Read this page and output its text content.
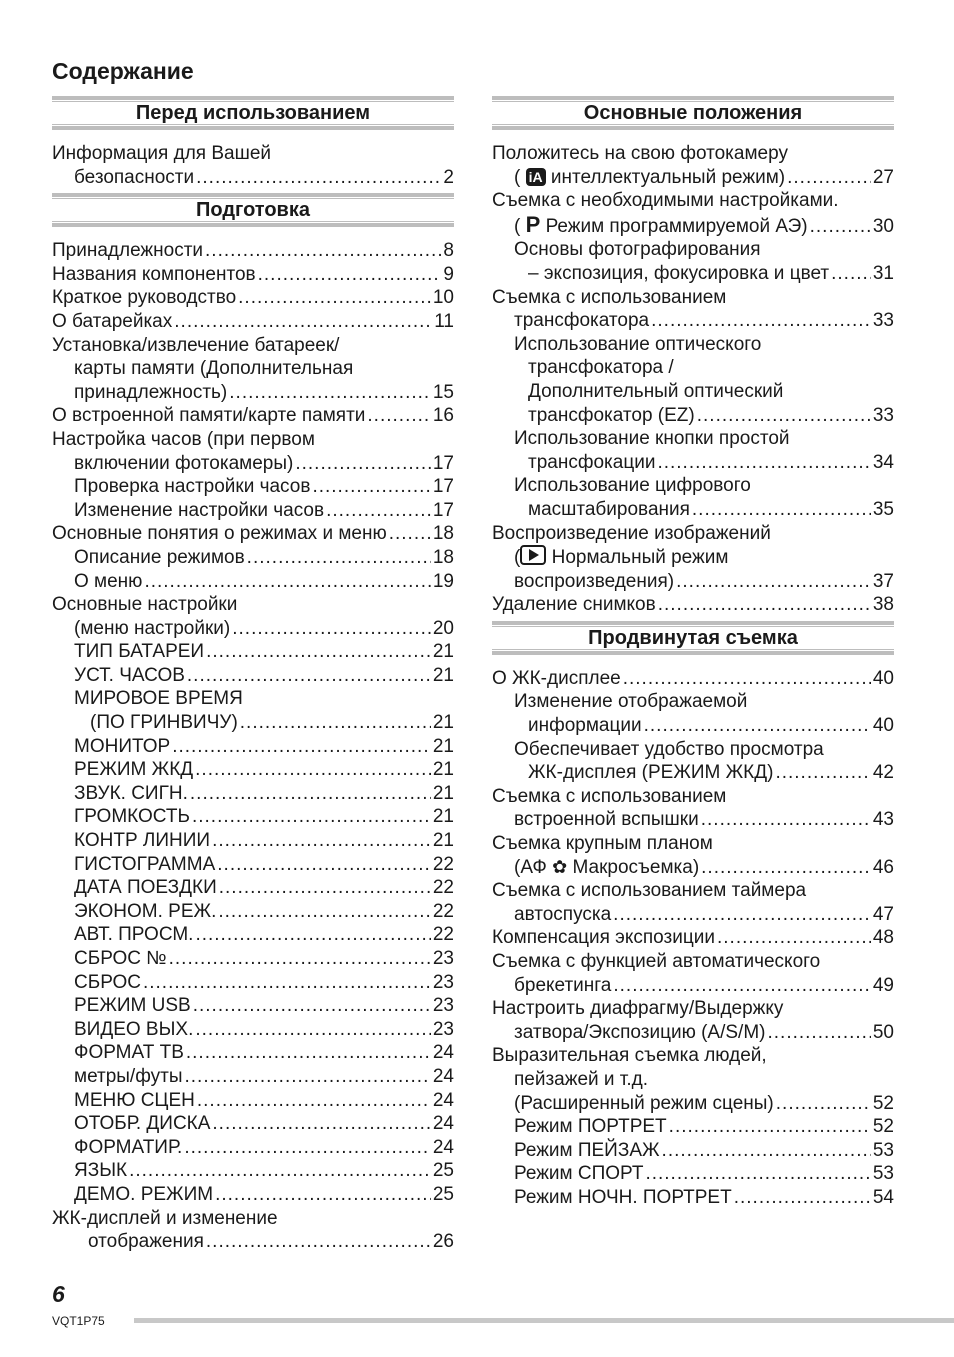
Содержание
Перед использованием
Информация для Вашей
безопасности .....	2
Подготовка
Принадлежности .....	8
Названия компонентов .....	9
Краткое руководство .....	10
О батарейках .....	11
Установка/извлечение батареек/
карты памяти (Дополнительная
принадлежность) .....	15
О встроенной памяти/карте памяти .....	16
Настройка часов (при первом
включении фотокамеры) .....	17
Проверка настройки часов .....	17
Изменение настройки часов .....	17
Основные понятия о режимах и меню ..... 18
Описание режимов .....	18
О меню .....	19
Основные настройки
(меню настройки) .....	20
ТИП БАТАРЕИ .....	21
УСТ. ЧАСОВ .....	21
МИРОВОЕ ВРЕМЯ
(ПО ГРИНВИЧУ) .....	21
МОНИТОР .....	21
РЕЖИМ ЖКД .....	21
ЗВУК. СИГН. .....	21
ГРОМКОСТЬ .....	21
КОНТР ЛИНИИ .....	21
ГИСТОГРАММА .....	22
ДАТА ПОЕЗДКИ .....	22
ЭКОНОМ. РЕЖ. .....	22
АВТ. ПРОСМ. .....	22
СБРОС № .....	23
СБРОС .....	23
РЕЖИМ USB .....	23
ВИДЕО ВЫХ. .....	23
ФОРМАТ ТВ .....	24
метры/футы .....	24
МЕНЮ СЦЕН .....	24
ОТОБР. ДИСКА .....	24
ФОРМАТИР. .....	24
ЯЗЫК .....	25
ДЕМО. РЕЖИМ .....	25
ЖК-дисплей и изменение
отображения .....	26
Основные положения
Положитесь на свою фотокамеру
( iA интеллектуальный режим) .....	27
Съемка с необходимыми настройками.
( P Режим программируемой АЭ) .....	30
Основы фотографирования
– экспозиция, фокусировка и цвет ..... 31
Съемка с использованием
трансфокатора .....	33
Использование оптического
трансфокатора /
Дополнительный оптический
трансфокатор (EZ) .....	33
Использование кнопки простой
трансфокации .....	34
Использование цифрового
масштабирования .....	35
Воспроизведение изображений
( Нормальный режим
воспроизведения) .....	37
Удаление снимков .....	38
Продвинутая съемка
О ЖК-дисплее .....	40
Изменение отображаемой
информации .....	40
Обеспечивает удобство просмотра
ЖК-дисплея (РЕЖИМ ЖКД) .....	42
Съемка с использованием
встроенной вспышки .....	43
Съемка крупным планом
(АФ ✿ Макросъемка) .....	46
Съемка с использованием таймера
автоспуска .....	47
Компенсация экспозиции .....	48
Съемка с функцией автоматического
брекетинга .....	49
Настроить диафрагму/Выдержку
затвора/Экспозицию (A/S/M) .....	50
Выразительная съемка людей,
пейзажей и т.д.
(Расширенный режим сцены) .....	52
Режим ПОРТРЕТ .....	52
Режим ПЕЙЗАЖ .....	53
Режим СПОРТ .....	53
Режим НОЧН. ПОРТРЕТ .....	54
6
VQT1P75
